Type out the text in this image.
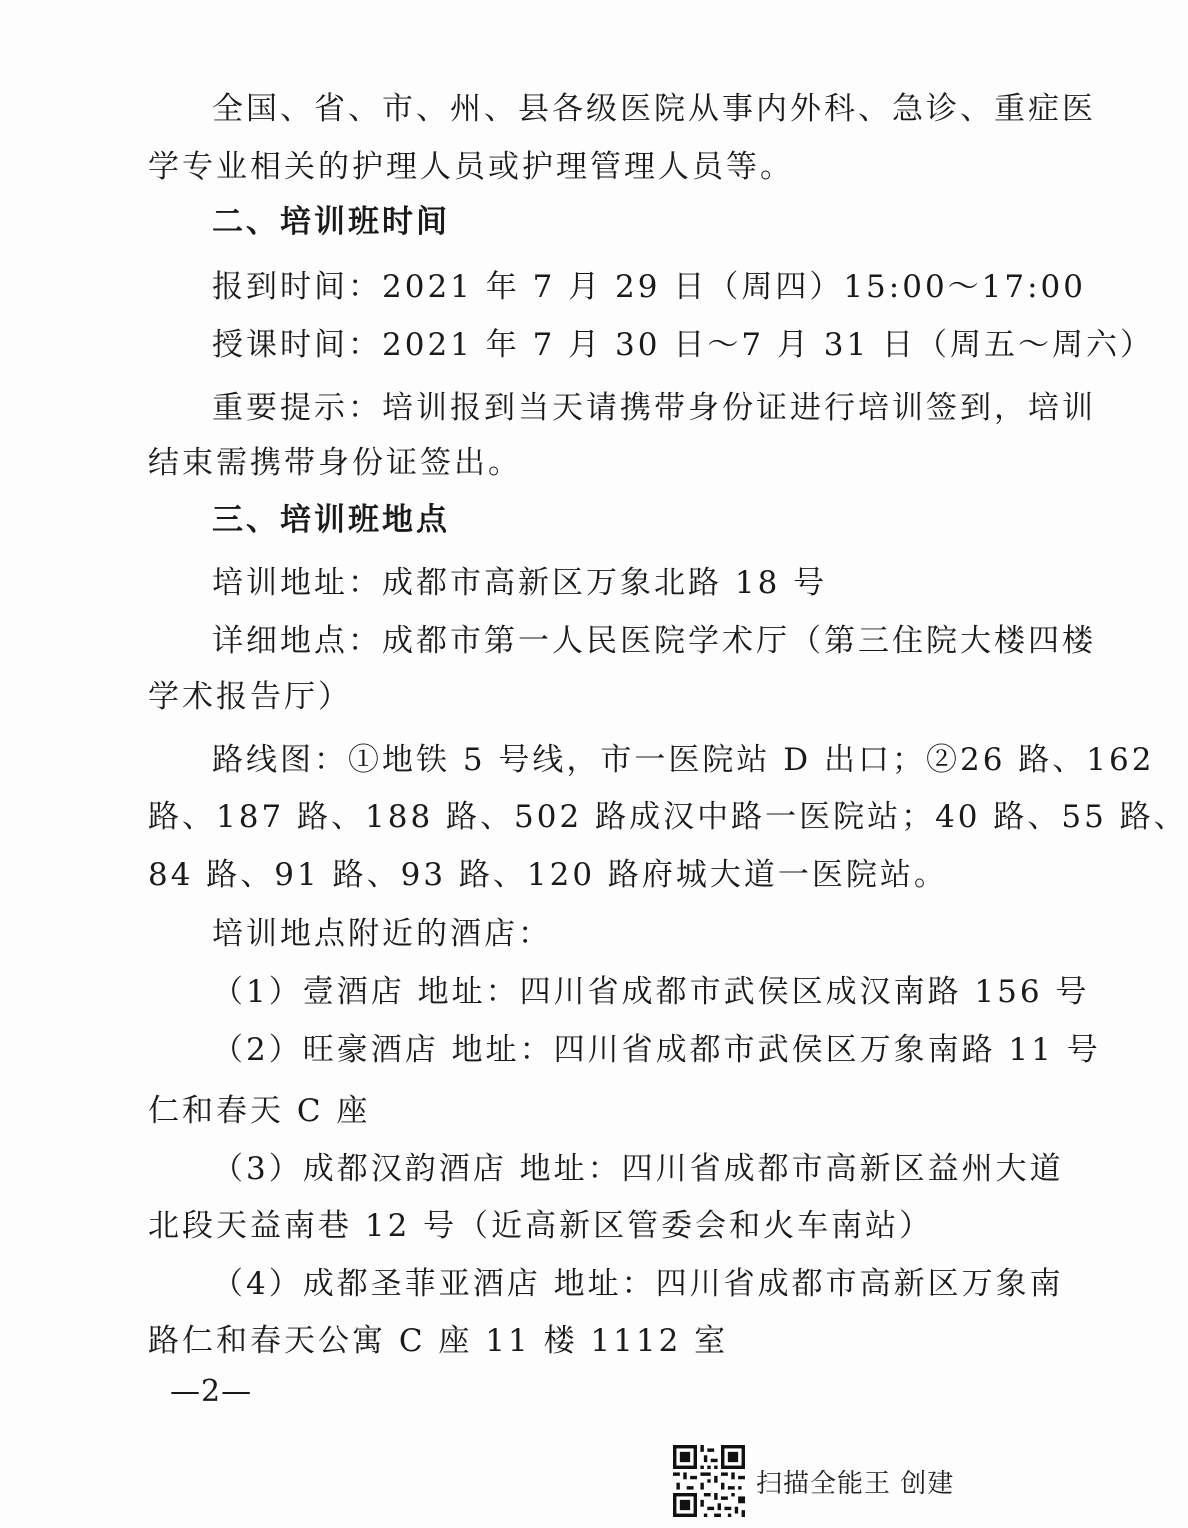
全国、省、市、州、县各级医院从事内外科、急诊、重症医
学专业相关的护理人员或护理管理人员等。
二、培训班时间
报到时间：2021 年 7 月 29 日（周四）15:00～17:00
授课时间：2021 年 7 月 30 日～7 月 31 日（周五～周六）
重要提示：培训报到当天请携带身份证进行培训签到，培训
结束需携带身份证签出。
三、培训班地点
培训地址：成都市高新区万象北路 18 号
详细地点：成都市第一人民医院学术厅（第三住院大楼四楼
学术报告厅）
路线图：①地铁 5 号线，市一医院站 D 出口；②26 路、162
路、187 路、188 路、502 路成汉中路一医院站；40 路、55 路、
84 路、91 路、93 路、120 路府城大道一医院站。
培训地点附近的酒店：
（1）壹酒店 地址：四川省成都市武侯区成汉南路 156 号
（2）旺豪酒店 地址：四川省成都市武侯区万象南路 11 号
仁和春天 C 座
（3）成都汉韵酒店 地址：四川省成都市高新区益州大道
北段天益南巷 12 号（近高新区管委会和火车南站）
（4）成都圣菲亚酒店 地址：四川省成都市高新区万象南
路仁和春天公寓 C 座 11 楼 1112 室
—2—
扫描全能王 创建
